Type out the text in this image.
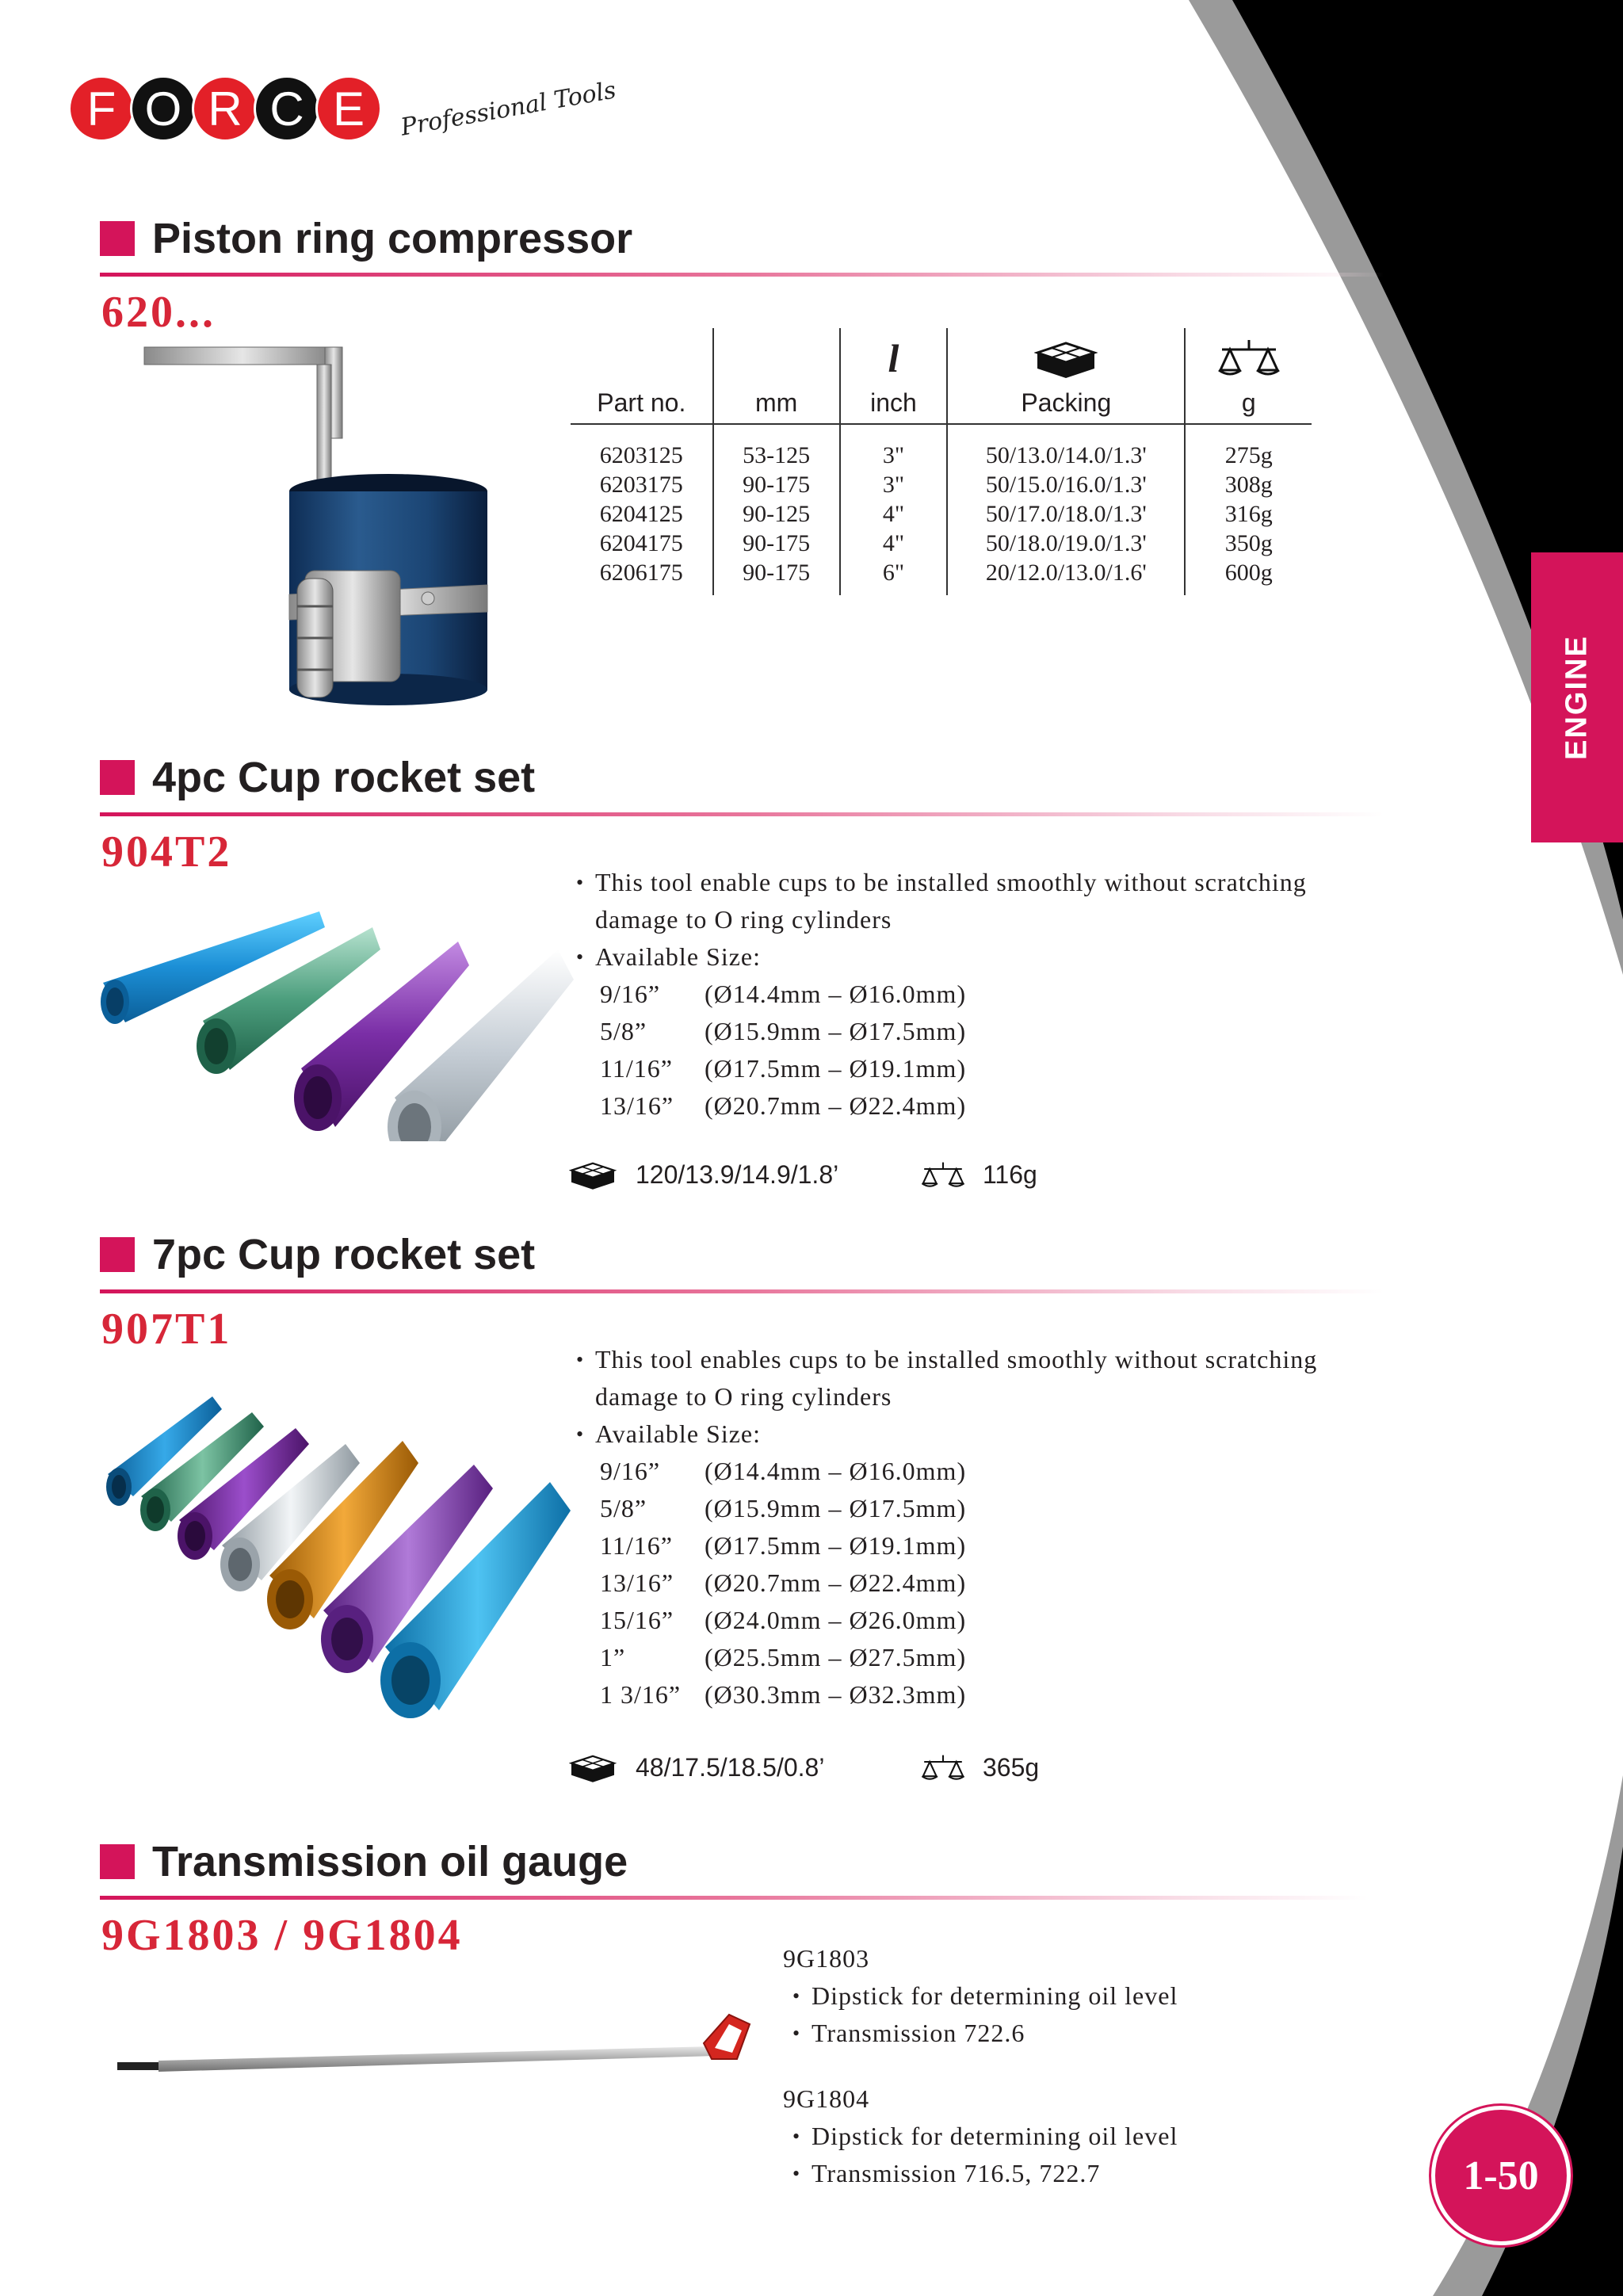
F O R C E	Professional Tools
ENGINE
Piston ring compressor
620...
		l		
Part no.	mm	inch	Packing	g
6203125	53-125	3"	50/13.0/14.0/1.3'	275g
6203175	90-175	3"	50/15.0/16.0/1.3'	308g
6204125	90-125	4"	50/17.0/18.0/1.3'	316g
6204175	90-175	4"	50/18.0/19.0/1.3'	350g
6206175	90-175	6"	20/12.0/13.0/1.6'	600g
4pc Cup rocket set
904T2
• This tool enable cups to be installed smoothly without scratching
damage to O ring cylinders
• Available Size:
9/16”	(Ø14.4mm – Ø16.0mm)
5/8”	(Ø15.9mm – Ø17.5mm)
11/16”	(Ø17.5mm – Ø19.1mm)
13/16”	(Ø20.7mm – Ø22.4mm)
120/13.9/14.9/1.8’	116g
7pc Cup rocket set
907T1
• This tool enables cups to be installed smoothly without scratching
damage to O ring cylinders
• Available Size:
9/16”	(Ø14.4mm – Ø16.0mm)
5/8”	(Ø15.9mm – Ø17.5mm)
11/16”	(Ø17.5mm – Ø19.1mm)
13/16”	(Ø20.7mm – Ø22.4mm)
15/16”	(Ø24.0mm – Ø26.0mm)
1”	(Ø25.5mm – Ø27.5mm)
1 3/16” (Ø30.3mm – Ø32.3mm)
48/17.5/18.5/0.8’	365g
Transmission oil gauge
9G1803 / 9G1804	9G1803
• Dipstick for determining oil level
• Transmission 722.6
9G1804
• Dipstick for determining oil level
• Transmission 716.5, 722.7	1-50
